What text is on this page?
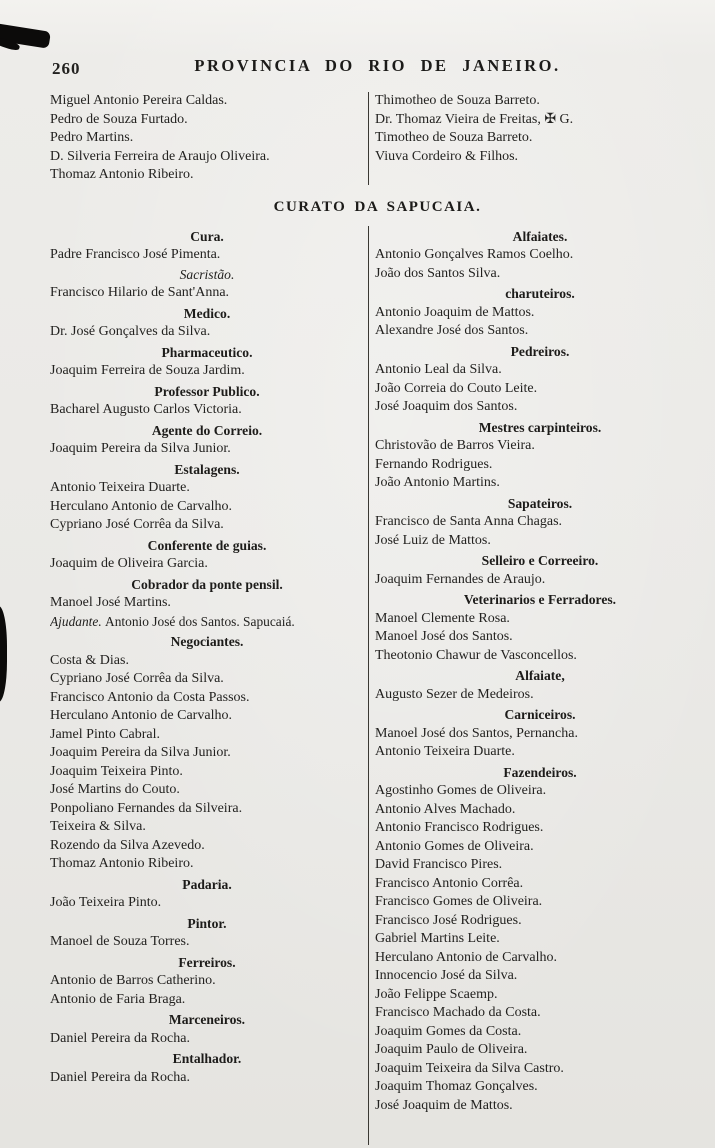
260	PROVINCIA DO RIO DE JANEIRO.
Miguel Antonio Pereira Caldas.
Pedro de Souza Furtado.
Pedro Martins.
D. Silveria Ferreira de Araujo Oliveira.
Thomaz Antonio Ribeiro.
Thimotheo de Souza Barreto.
Dr. Thomaz Vieira de Freitas, ✠ G.
Timotheo de Souza Barreto.
Viuva Cordeiro & Filhos.
CURATO DA SAPUCAIA.
Cura.
Padre Francisco José Pimenta.
Sacristão.
Francisco Hilario de Sant'Anna.
Medico.
Dr. José Gonçalves da Silva.
Pharmaceutico.
Joaquim Ferreira de Souza Jardim.
Professor Publico.
Bacharel Augusto Carlos Victoria.
Agente do Correio.
Joaquim Pereira da Silva Junior.
Estalagens.
Antonio Teixeira Duarte.
Herculano Antonio de Carvalho.
Cypriano José Corrêa da Silva.
Conferente de guias.
Joaquim de Oliveira Garcia.
Cobrador da ponte pensil.
Manoel José Martins.
Ajudante. Antonio José dos Santos. Sapucaiá.
Negociantes.
Costa & Dias.
Cypriano José Corrêa da Silva.
Francisco Antonio da Costa Passos.
Herculano Antonio de Carvalho.
Jamel Pinto Cabral.
Joaquim Pereira da Silva Junior.
Joaquim Teixeira Pinto.
José Martins do Couto.
Ponpoliano Fernandes da Silveira.
Teixeira & Silva.
Rozendo da Silva Azevedo.
Thomaz Antonio Ribeiro.
Padaria.
João Teixeira Pinto.
Pintor.
Manoel de Souza Torres.
Ferreiros.
Antonio de Barros Catherino.
Antonio de Faria Braga.
Marceneiros.
Daniel Pereira da Rocha.
Entalhador.
Daniel Pereira da Rocha.
Alfaiates.
Antonio Gonçalves Ramos Coelho.
João dos Santos Silva.
charuteiros.
Antonio Joaquim de Mattos.
Alexandre José dos Santos.
Pedreiros.
Antonio Leal da Silva.
João Correia do Couto Leite.
José Joaquim dos Santos.
Mestres carpinteiros.
Christovão de Barros Vieira.
Fernando Rodrigues.
João Antonio Martins.
Sapateiros.
Francisco de Santa Anna Chagas.
José Luiz de Mattos.
Selleiro e Correeiro.
Joaquim Fernandes de Araujo.
Veterinarios e Ferradores.
Manoel Clemente Rosa.
Manoel José dos Santos.
Theotonio Chawur de Vasconcellos.
Alfaiate,
Augusto Sezer de Medeiros.
Carniceiros.
Manoel José dos Santos, Pernancha.
Antonio Teixeira Duarte.
Fazendeiros.
Agostinho Gomes de Oliveira.
Antonio Alves Machado.
Antonio Francisco Rodrigues.
Antonio Gomes de Oliveira.
David Francisco Pires.
Francisco Antonio Corrêa.
Francisco Gomes de Oliveira.
Francisco José Rodrigues.
Gabriel Martins Leite.
Herculano Antonio de Carvalho.
Innocencio José da Silva.
João Felippe Scaemp.
Francisco Machado da Costa.
Joaquim Gomes da Costa.
Joaquim Paulo de Oliveira.
Joaquim Teixeira da Silva Castro.
Joaquim Thomaz Gonçalves.
José Joaquim de Mattos.
